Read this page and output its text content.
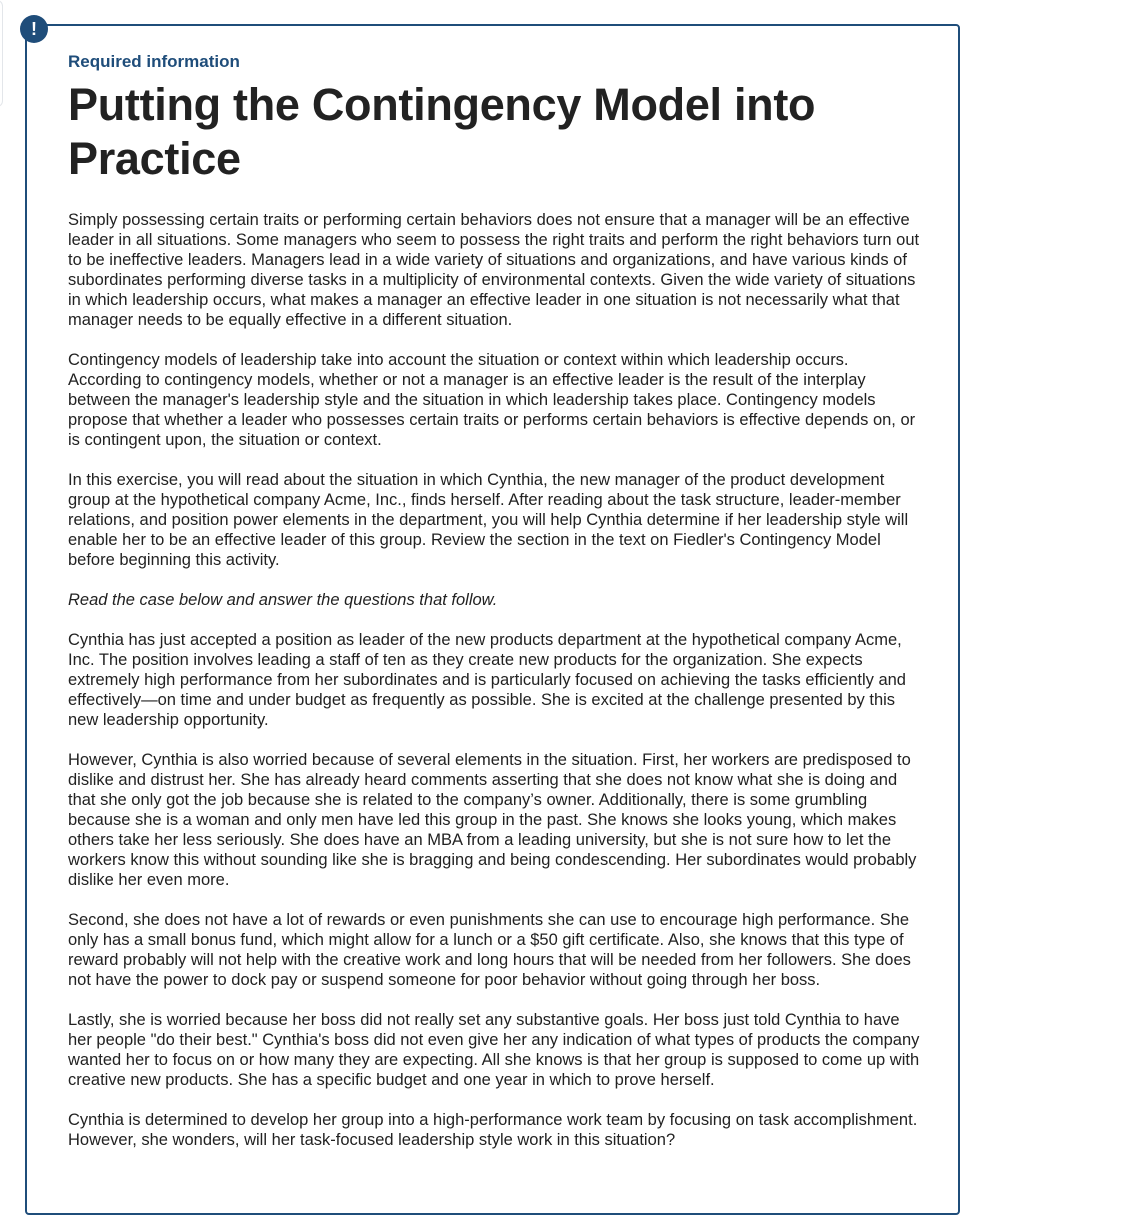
!

Required information

Putting the Contingency Model into Practice

Simply possessing certain traits or performing certain behaviors does not ensure that a manager will be an effective leader in all situations. Some managers who seem to possess the right traits and perform the right behaviors turn out to be ineffective leaders. Managers lead in a wide variety of situations and organizations, and have various kinds of subordinates performing diverse tasks in a multiplicity of environmental contexts. Given the wide variety of situations in which leadership occurs, what makes a manager an effective leader in one situation is not necessarily what that manager needs to be equally effective in a different situation.

Contingency models of leadership take into account the situation or context within which leadership occurs. According to contingency models, whether or not a manager is an effective leader is the result of the interplay between the manager's leadership style and the situation in which leadership takes place. Contingency models propose that whether a leader who possesses certain traits or performs certain behaviors is effective depends on, or is contingent upon, the situation or context.

In this exercise, you will read about the situation in which Cynthia, the new manager of the product development group at the hypothetical company Acme, Inc., finds herself. After reading about the task structure, leader-member relations, and position power elements in the department, you will help Cynthia determine if her leadership style will enable her to be an effective leader of this group. Review the section in the text on Fiedler's Contingency Model before beginning this activity.

Read the case below and answer the questions that follow.

Cynthia has just accepted a position as leader of the new products department at the hypothetical company Acme, Inc. The position involves leading a staff of ten as they create new products for the organization. She expects extremely high performance from her subordinates and is particularly focused on achieving the tasks efficiently and effectively—on time and under budget as frequently as possible. She is excited at the challenge presented by this new leadership opportunity.

However, Cynthia is also worried because of several elements in the situation. First, her workers are predisposed to dislike and distrust her. She has already heard comments asserting that she does not know what she is doing and that she only got the job because she is related to the company’s owner. Additionally, there is some grumbling because she is a woman and only men have led this group in the past. She knows she looks young, which makes others take her less seriously. She does have an MBA from a leading university, but she is not sure how to let the workers know this without sounding like she is bragging and being condescending. Her subordinates would probably dislike her even more.

Second, she does not have a lot of rewards or even punishments she can use to encourage high performance. She only has a small bonus fund, which might allow for a lunch or a $50 gift certificate. Also, she knows that this type of reward probably will not help with the creative work and long hours that will be needed from her followers. She does not have the power to dock pay or suspend someone for poor behavior without going through her boss.

Lastly, she is worried because her boss did not really set any substantive goals. Her boss just told Cynthia to have her people "do their best." Cynthia's boss did not even give her any indication of what types of products the company wanted her to focus on or how many they are expecting. All she knows is that her group is supposed to come up with creative new products. She has a specific budget and one year in which to prove herself.

Cynthia is determined to develop her group into a high-performance work team by focusing on task accomplishment. However, she wonders, will her task-focused leadership style work in this situation?
